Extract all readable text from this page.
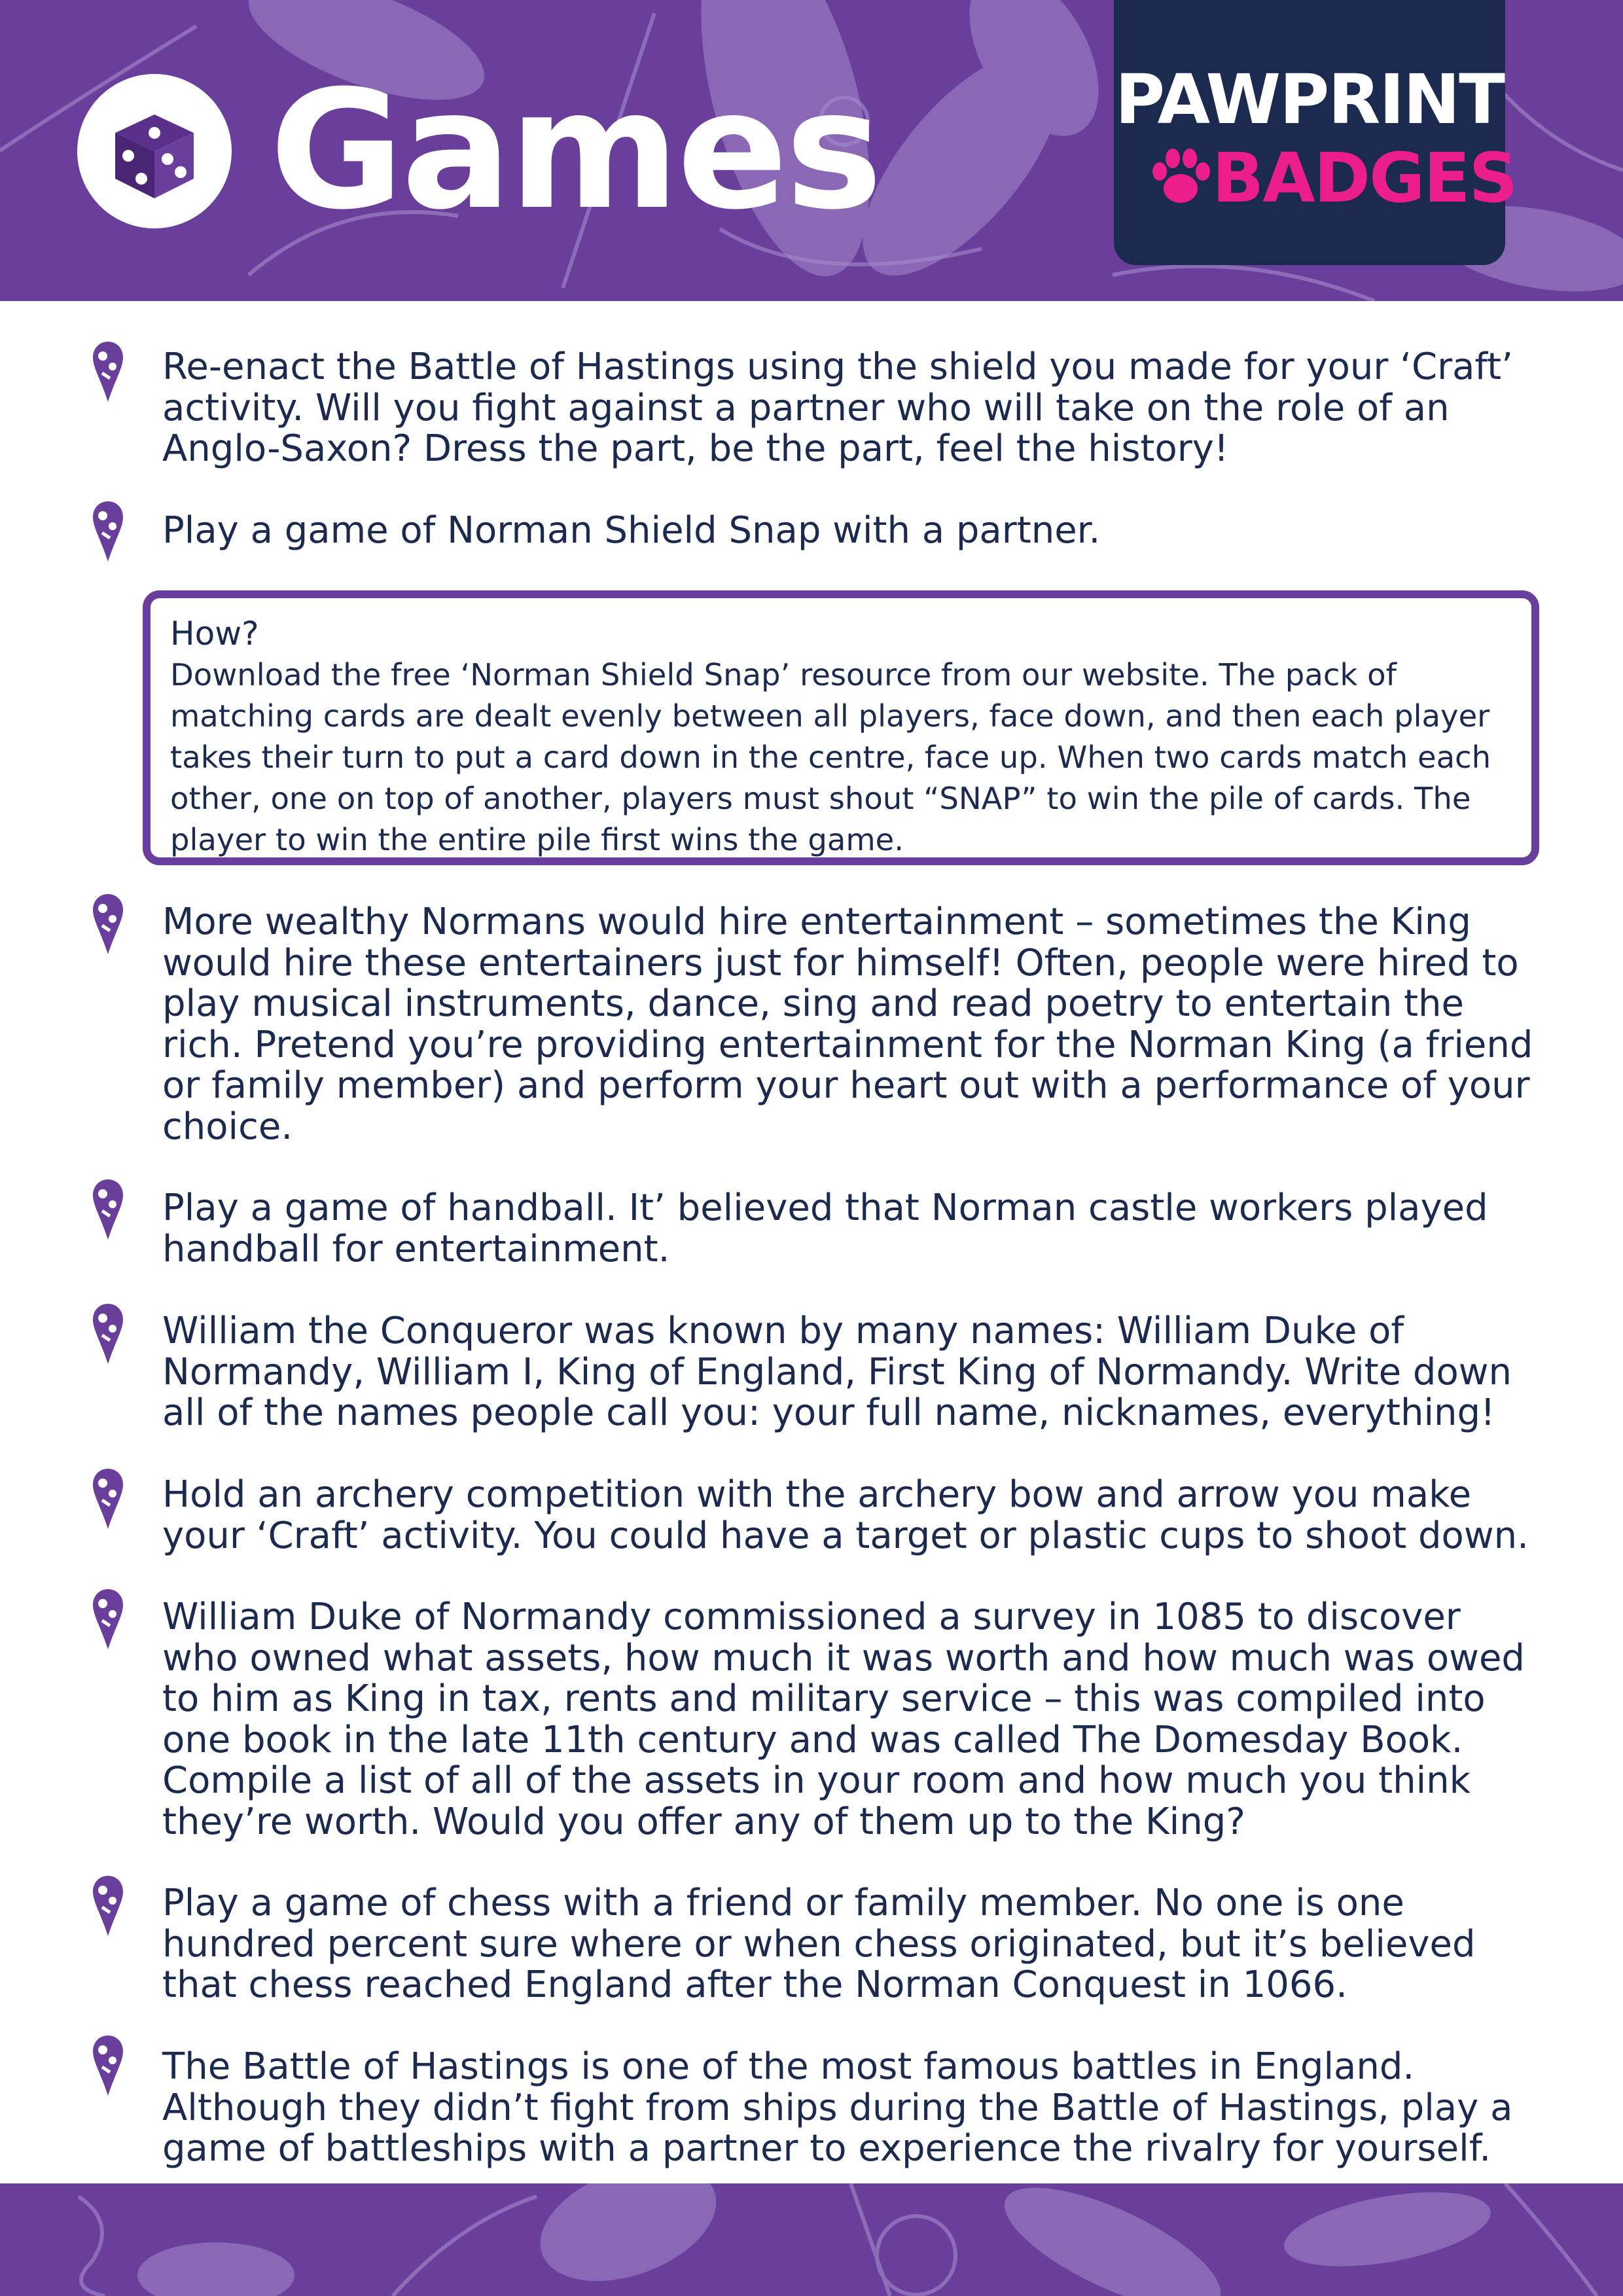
Games	PAWPRINT
BADGES
Re-enact the Battle of Hastings using the shield you made for your ‘Craft’ activity. Will you fight against a partner who will take on the role of an Anglo-Saxon? Dress the part, be the part, feel the history!
Play a game of Norman Shield Snap with a partner.
How?
Download the free ‘Norman Shield Snap’ resource from our website. The pack of matching cards are dealt evenly between all players, face down, and then each player takes their turn to put a card down in the centre, face up. When two cards match each other, one on top of another, players must shout “SNAP” to win the pile of cards. The player to win the entire pile first wins the game.
More wealthy Normans would hire entertainment – sometimes the King would hire these entertainers just for himself! Often, people were hired to play musical instruments, dance, sing and read poetry to entertain the rich. Pretend you’re providing entertainment for the Norman King (a friend or family member) and perform your heart out with a performance of your choice.
Play a game of handball. It’ believed that Norman castle workers played handball for entertainment.
William the Conqueror was known by many names: William Duke of Normandy, William I, King of England, First King of Normandy. Write down all of the names people call you: your full name, nicknames, everything!
Hold an archery competition with the archery bow and arrow you make your ‘Craft’ activity. You could have a target or plastic cups to shoot down.
William Duke of Normandy commissioned a survey in 1085 to discover who owned what assets, how much it was worth and how much was owed to him as King in tax, rents and military service – this was compiled into one book in the late 11th century and was called The Domesday Book. Compile a list of all of the assets in your room and how much you think they’re worth. Would you offer any of them up to the King?
Play a game of chess with a friend or family member. No one is one hundred percent sure where or when chess originated, but it’s believed that chess reached England after the Norman Conquest in 1066.
The Battle of Hastings is one of the most famous battles in England. Although they didn’t fight from ships during the Battle of Hastings, play a game of battleships with a partner to experience the rivalry for yourself.
